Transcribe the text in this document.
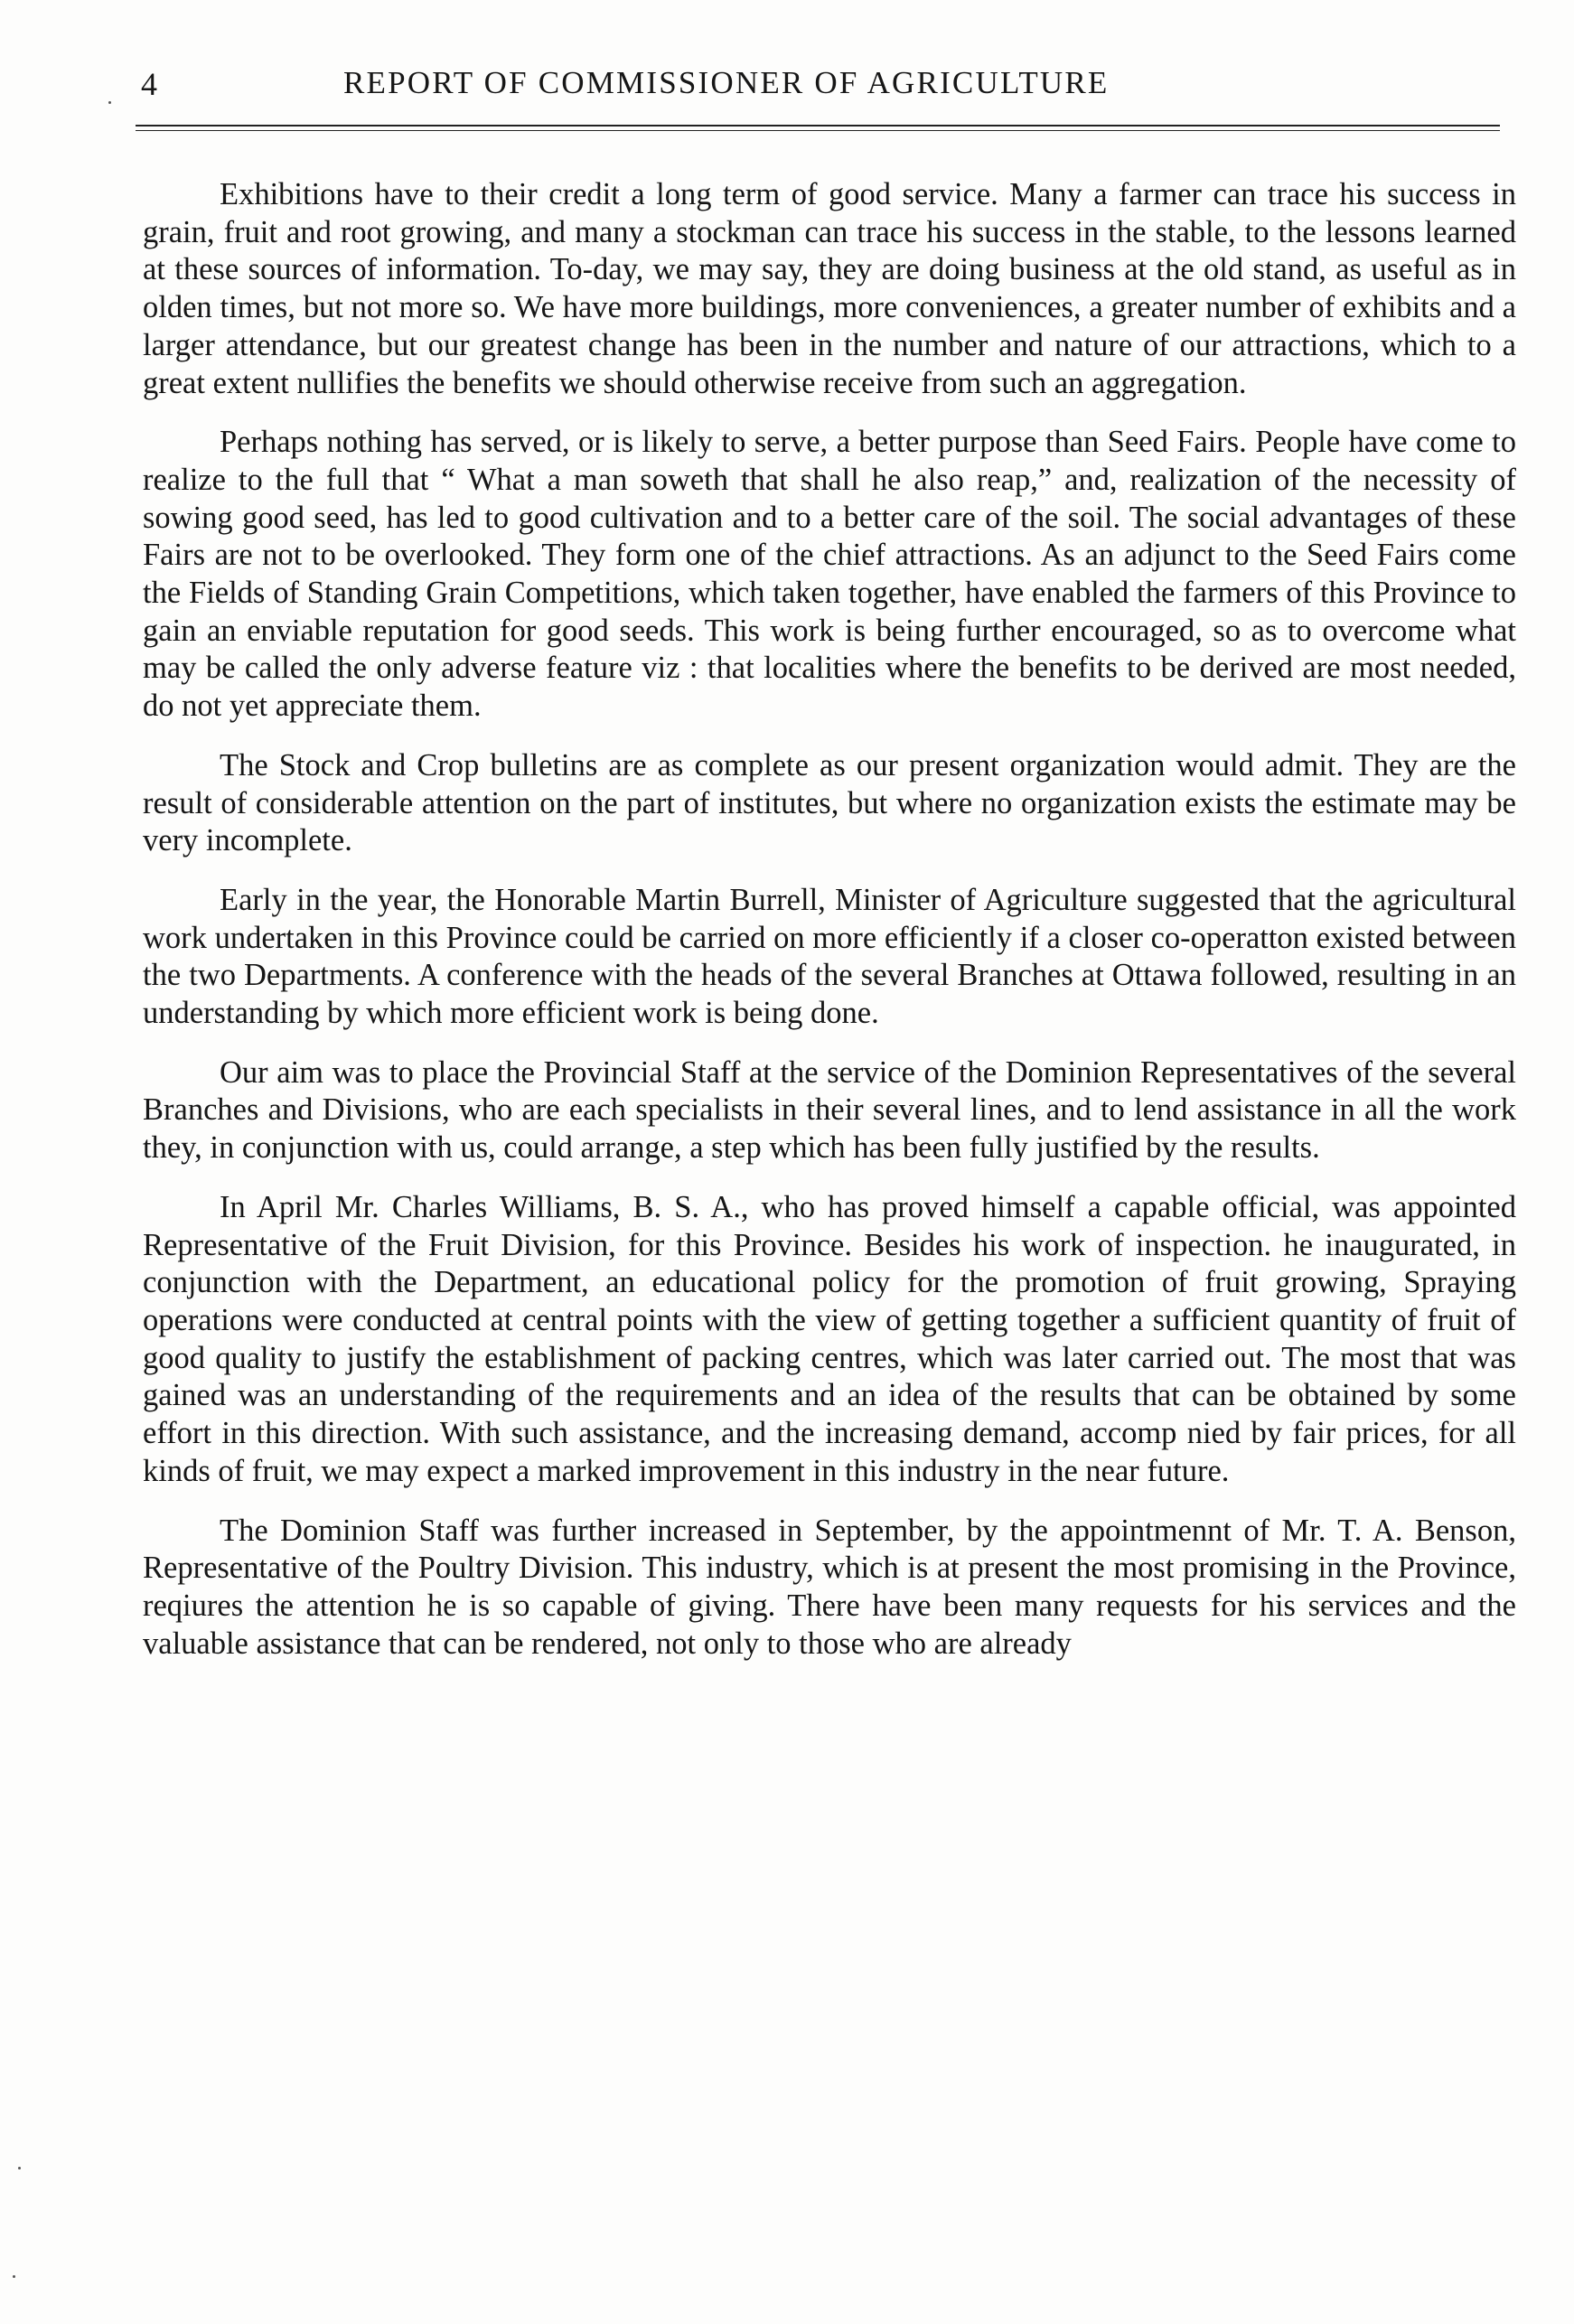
4	REPORT OF COMMISSIONER OF AGRICULTURE

Exhibitions have to their credit a long term of good service. Many a farmer can trace his success in grain, fruit and root growing, and many a stockman can trace his success in the stable, to the lessons learned at these sources of information. To-day, we may say, they are doing business at the old stand, as useful as in olden times, but not more so. We have more buildings, more conveniences, a greater number of exhibits and a larger attendance, but our greatest change has been in the number and nature of our attractions, which to a great extent nullifies the benefits we should otherwise receive from such an aggregation.

Perhaps nothing has served, or is likely to serve, a better purpose than Seed Fairs. People have come to realize to the full that “ What a man soweth that shall he also reap,” and, realization of the necessity of sowing good seed, has led to good cultivation and to a better care of the soil. The social advantages of these Fairs are not to be overlooked. They form one of the chief attractions. As an adjunct to the Seed Fairs come the Fields of Standing Grain Competitions, which taken together, have enabled the farmers of this Province to gain an enviable reputation for good seeds. This work is being further encouraged, so as to overcome what may be called the only adverse feature viz : that localities where the benefits to be derived are most needed, do not yet appreciate them.

The Stock and Crop bulletins are as complete as our present organization would admit. They are the result of considerable attention on the part of institutes, but where no organization exists the estimate may be very incomplete.

Early in the year, the Honorable Martin Burrell, Minister of Agriculture suggested that the agricultural work undertaken in this Province could be carried on more efficiently if a closer co-operatton existed between the two Departments. A conference with the heads of the several Branches at Ottawa followed, resulting in an understanding by which more efficient work is being done.

Our aim was to place the Provincial Staff at the service of the Dominion Representatives of the several Branches and Divisions, who are each specialists in their several lines, and to lend assistance in all the work they, in conjunction with us, could arrange, a step which has been fully justified by the results.

In April Mr. Charles Williams, B. S. A., who has proved himself a capable official, was appointed Representative of the Fruit Division, for this Province. Besides his work of inspection. he inaugurated, in conjunction with the Department, an educational policy for the promotion of fruit growing, Spraying operations were conducted at central points with the view of getting together a sufficient quantity of fruit of good quality to justify the establishment of packing centres, which was later carried out. The most that was gained was an understanding of the requirements and an idea of the results that can be obtained by some effort in this direction. With such assistance, and the increasing demand, accomp nied by fair prices, for all kinds of fruit, we may expect a marked improvement in this industry in the near future.

The Dominion Staff was further increased in September, by the appointmennt of Mr. T. A. Benson, Representative of the Poultry Division. This industry, which is at present the most promising in the Province, reqiures the attention he is so capable of giving. There have been many requests for his services and the valuable assistance that can be rendered, not only to those who are already
